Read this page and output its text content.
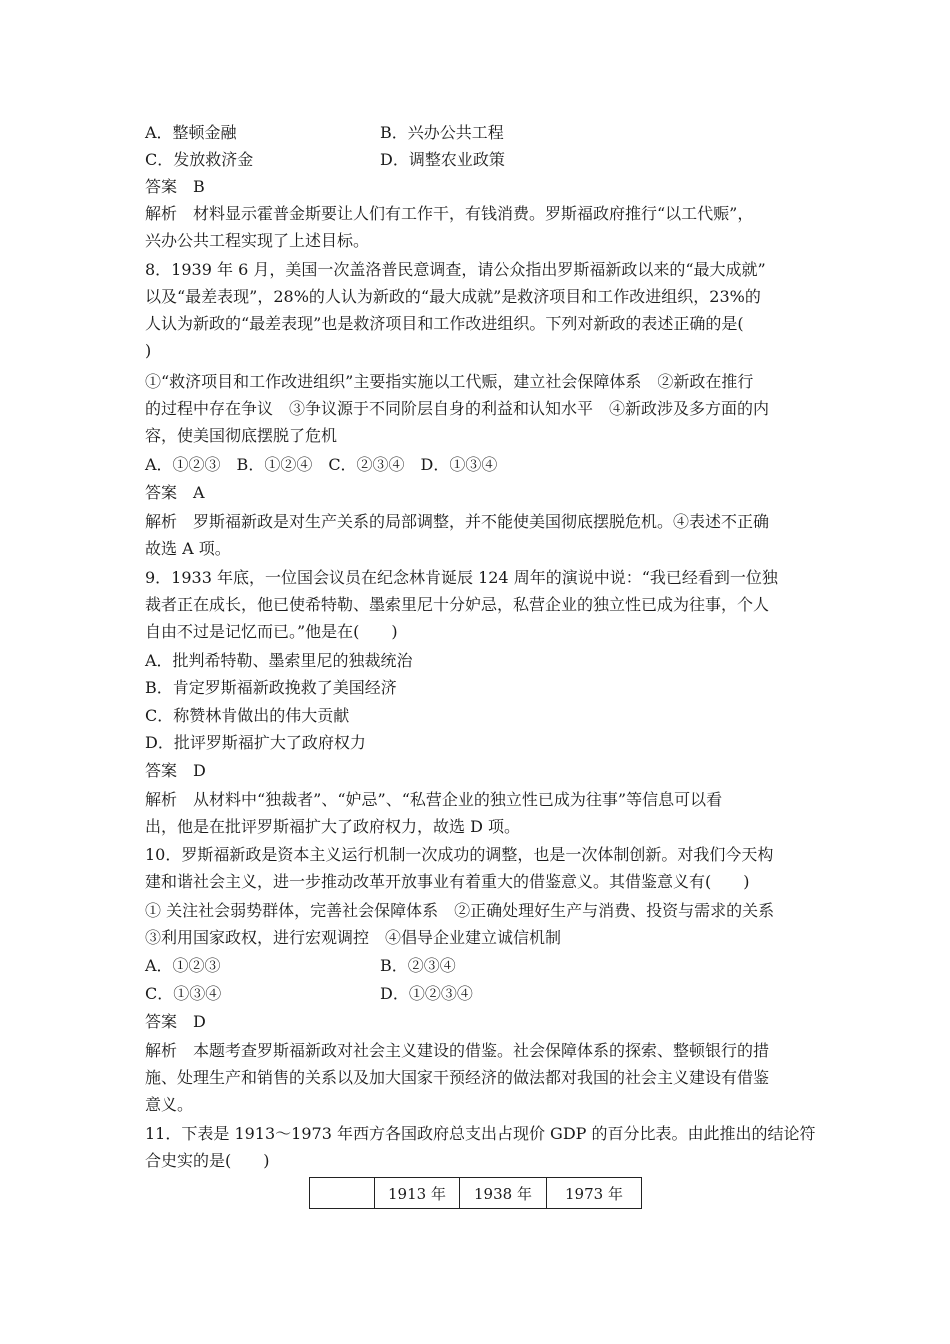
A．整顿金融	B．兴办公共工程
C．发放救济金	D．调整农业政策
答案　B
解析　材料显示霍普金斯要让人们有工作干，有钱消费。罗斯福政府推行“以工代赈”，
兴办公共工程实现了上述目标。
8．1939 年 6 月，美国一次盖洛普民意调查，请公众指出罗斯福新政以来的“最大成就”
以及“最差表现”，28%的人认为新政的“最大成就”是救济项目和工作改进组织，23%的
人认为新政的“最差表现”也是救济项目和工作改进组织。下列对新政的表述正确的是(
)
①“救济项目和工作改进组织”主要指实施以工代赈，建立社会保障体系　②新政在推行
的过程中存在争议　③争议源于不同阶层自身的利益和认知水平　④新政涉及多方面的内
容，使美国彻底摆脱了危机
A．①②③　B．①②④　C．②③④　D．①③④
答案　A
解析　罗斯福新政是对生产关系的局部调整，并不能使美国彻底摆脱危机。④表述不正确
故选 A 项。
9．1933 年底，一位国会议员在纪念林肯诞辰 124 周年的演说中说：“我已经看到一位独
裁者正在成长，他已使希特勒、墨索里尼十分妒忌，私营企业的独立性已成为往事，个人
自由不过是记忆而已。”他是在(　　)
A．批判希特勒、墨索里尼的独裁统治
B．肯定罗斯福新政挽救了美国经济
C．称赞林肯做出的伟大贡献
D．批评罗斯福扩大了政府权力
答案　D
解析　从材料中“独裁者”、“妒忌”、“私营企业的独立性已成为往事”等信息可以看
出，他是在批评罗斯福扩大了政府权力，故选 D 项。
10．罗斯福新政是资本主义运行机制一次成功的调整，也是一次体制创新。对我们今天构
建和谐社会主义，进一步推动改革开放事业有着重大的借鉴意义。其借鉴意义有(　　)
① 关注社会弱势群体，完善社会保障体系　②正确处理好生产与消费、投资与需求的关系
③利用国家政权，进行宏观调控　④倡导企业建立诚信机制
A．①②③	B．②③④
C．①③④	D．①②③④
答案　D
解析　本题考查罗斯福新政对社会主义建设的借鉴。社会保障体系的探索、整顿银行的措
施、处理生产和销售的关系以及加大国家干预经济的做法都对我国的社会主义建设有借鉴
意义。
11．下表是 1913～1973 年西方各国政府总支出占现价 GDP 的百分比表。由此推出的结论符
合史实的是(　　)
	1913 年	1938 年	1973 年
